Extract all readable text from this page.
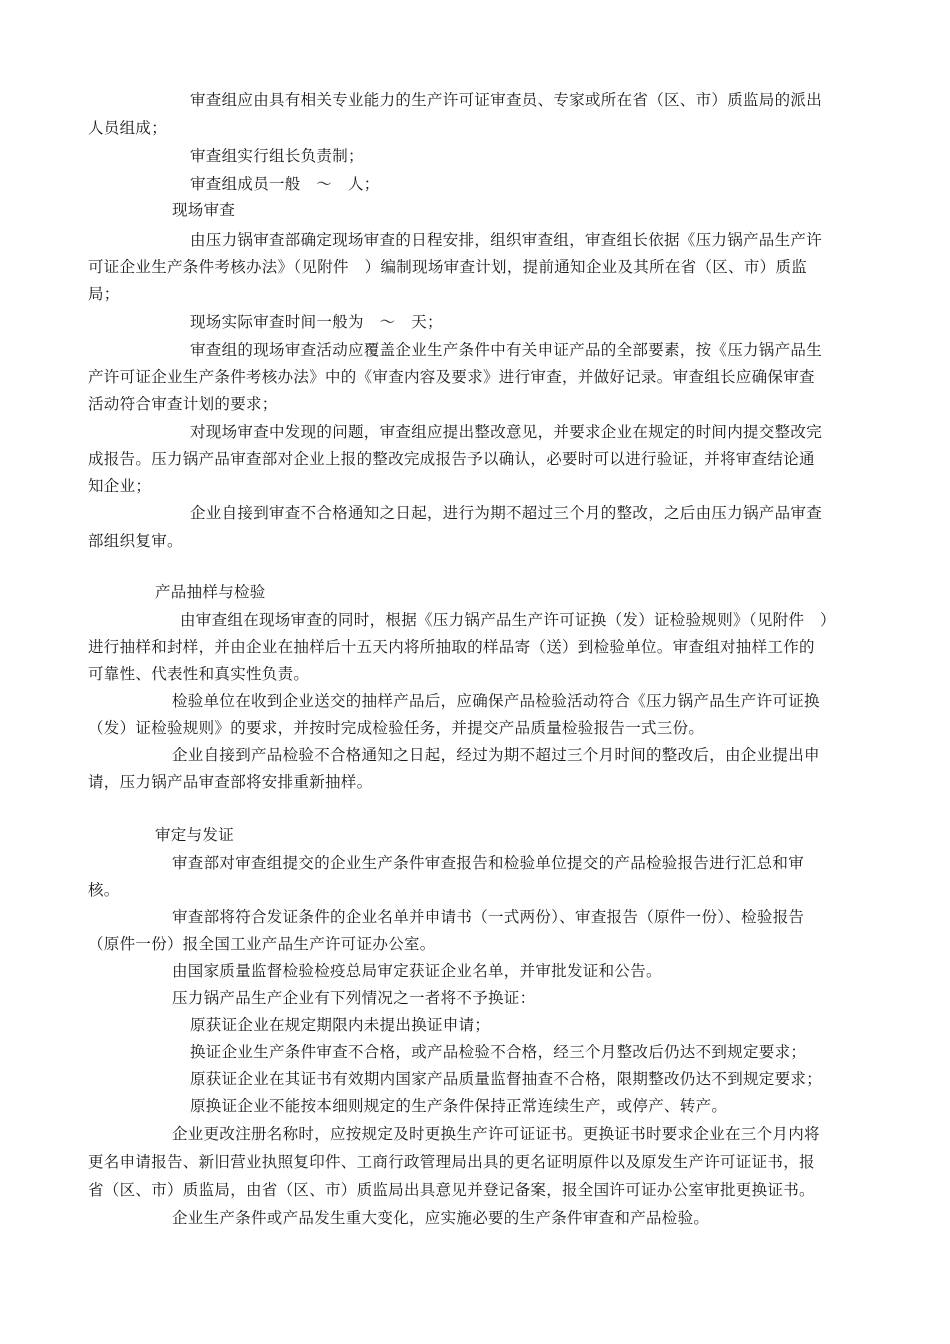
审查组应由具有相关专业能力的生产许可证审查员、专家或所在省（区、市）质监局的派出
人员组成；
审查组实行组长负责制；
审查组成员一般　～　人；
现场审查
由压力锅审查部确定现场审查的日程安排，组织审查组，审查组长依据《压力锅产品生产许
可证企业生产条件考核办法》（见附件　）编制现场审查计划，提前通知企业及其所在省（区、市）质监
局；
现场实际审查时间一般为　～　天；
审查组的现场审查活动应覆盖企业生产条件中有关申证产品的全部要素，按《压力锅产品生
产许可证企业生产条件考核办法》中的《审查内容及要求》进行审查，并做好记录。审查组长应确保审查
活动符合审查计划的要求；
对现场审查中发现的问题，审查组应提出整改意见，并要求企业在规定的时间内提交整改完
成报告。压力锅产品审查部对企业上报的整改完成报告予以确认，必要时可以进行验证，并将审查结论通
知企业；
企业自接到审查不合格通知之日起，进行为期不超过三个月的整改，之后由压力锅产品审查
部组织复审。
产品抽样与检验
由审查组在现场审查的同时，根据《压力锅产品生产许可证换（发）证检验规则》（见附件　）
进行抽样和封样，并由企业在抽样后十五天内将所抽取的样品寄（送）到检验单位。审查组对抽样工作的
可靠性、代表性和真实性负责。
检验单位在收到企业送交的抽样产品后，应确保产品检验活动符合《压力锅产品生产许可证换
（发）证检验规则》的要求，并按时完成检验任务，并提交产品质量检验报告一式三份。
企业自接到产品检验不合格通知之日起，经过为期不超过三个月时间的整改后，由企业提出申
请，压力锅产品审查部将安排重新抽样。
审定与发证
审查部对审查组提交的企业生产条件审查报告和检验单位提交的产品检验报告进行汇总和审
核。
审查部将符合发证条件的企业名单并申请书（一式两份）、审查报告（原件一份）、检验报告
（原件一份）报全国工业产品生产许可证办公室。
由国家质量监督检验检疫总局审定获证企业名单，并审批发证和公告。
压力锅产品生产企业有下列情况之一者将不予换证：
原获证企业在规定期限内未提出换证申请；
换证企业生产条件审查不合格，或产品检验不合格，经三个月整改后仍达不到规定要求；
原获证企业在其证书有效期内国家产品质量监督抽查不合格，限期整改仍达不到规定要求；
原换证企业不能按本细则规定的生产条件保持正常连续生产，或停产、转产。
企业更改注册名称时，应按规定及时更换生产许可证证书。更换证书时要求企业在三个月内将
更名申请报告、新旧营业执照复印件、工商行政管理局出具的更名证明原件以及原发生产许可证证书，报
省（区、市）质监局，由省（区、市）质监局出具意见并登记备案，报全国许可证办公室审批更换证书。
企业生产条件或产品发生重大变化，应实施必要的生产条件审查和产品检验。
